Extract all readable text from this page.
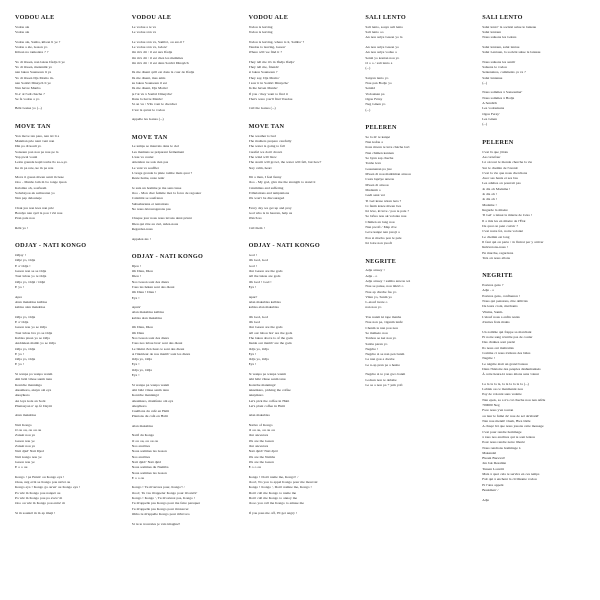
VODOU ALE
Vodou ale
Vodou ale
Vodou ale, Sanba, kilson li ye ?
Vodou a ale, Gason yo
Kilson na rankontre ? ?
Yo di mwen, nan lakou Ifadja li ye
Yo di mwen, mennnmi yo
nan lakou Sounsoun li ye
Yo di mwen Dja Momo m-
nan Sonbri Dinaych li ye
Nan havre Manbo
N-a' al l'adi chache ?
Se fa vodou a yo
Bèlè Gansa yo (...)
MOVE TAN
Yon move tan pare, nan tèt li a
Manman prie nant vent nan
Din pa di kouli yo
Sonsoun pon nou pa nou pe la
Yap pwal voulè
Lexia gounde kapli tonbe 0o sa-a-yo
Ke m pa rete, ke m pa rete
Move ti gason mwen santi m bese
Ooo - Manbo lam m bo tonge ipson
Kalomte oh, soufwam
Sobabayou ak samwaran yo
Nen pap delounaje
Chak jou non kwe nan priz
Bondye nan syèl la pou l vlè nou
Pran pale nou
Rèlè yo !
ODJAY - NATI KONGO
Odjay !
Odjè yo, Odja
E a' Odja !
Gason non se se Odja
Tout labou yo te Odja
Odja yo, Odjè / Odjè
E ya !
Apre
Alan makabisa kalbisa
kabisa alan makabisa
Odja yo, Odja
E a' Odja
Gason nou yo se Odja
Tout labou bra yo se Odja
Kabisa pison yo se Odja
Anddekan mamb yo se Odja
Odja yo, Odja
E ya !
Odja yo, Odja
E ya !
Si wanpa pa wanpa wanm
Ahi bèlè vilese sanm tanu
Kontche manninga
Akazikaro, akayn olè eya
Akayikaro
An leye kole an 'kolè
Plantasyon n' ap fè Dayiti
Alan makabisa
Nati Kongo
O ou ou, ou ou ou
Zansèt nou ye
Gason nou ye
Zansèt nou ye
Nati djèd' Nati Djed
Nati kongo nou ye
Gason nou ye
E o o ou
Kongo ! pa Entèn' ou Kongo eya !
Osou, nèg evlè se Kongo pou nèt'et ou
Kongo eya ! Kongo ga ou'en' ou Kongo eya !
Pa wlè m Kongo pou nanpèt ou
Pa wlè m Kongo pou pa eve'e' m
Ooo ou wlè m Kongo pou entre' m
Si m sountèl m m ap imaji !
VODOU ALE
Le vodou a te va
Le vodou s'en va
Le vodou s'en va, Samba', ou est-il ?
Le vodou s'en va, Gdote'
On m'a dit : il est aux Ifadja
On m'a dit : il est chez les memmes
On m'a dit : il est dans Sonbri Dinayich
Ils me disent qu'il est dans la cour de Ifadja
Ils me disent, mes amis
au lakou Sounsoun il est
Ils me disent, Dja Momo'
je l'ai vu à Sonbri Dinayche'
Dans la havre Manbo'
Si on vu / S'ils vont le chercher
C'est la qu'est le vodou
Appelle les Gansa (...)
MOVE TAN
Le temps se mauvais dans le ciel
Les mamans se préparent fermement
L'eau va couler
Attention ne sois rien pas
Le vent va souffler
L'orage gronde la pluie tombe mais quoi ?
Reste home, reste tenir
Je suis un homme je me sens lasse
Ooo - Mon cher femme moi la force de ragouter
Calamité se soufrance
Subsahariens et tentations
Ne nous découragerons pas
Chaque jour nous nous levons ainsi priant
Dieu qui être au ciel, aidez-nous
Regardez-nous
Appelez-les !
ODJAY - NATI KONGO
Djeu !
Oh Dieu, Dieu
Dieu !
Nos Gason sont des dieux
Tous les hèkan sont des dieux
Oh Dieu ! Dieu !
Eya !
Après'
Alan makabisa kalbisa
kabisa alan makabisa
Oh Dieu, Dieu
Oh Dieu
Nos Gason sont des dieux
Tous nos labou bras' sont des dieux
Le bikini d'en haut ce sont des dieux
A l'intérieur de nos mamb' sont les dieux
Odja yo, Odja
Eya !
Odja yo, Odja
Eya !
Si wanpa pa wanpa wanm
Ahi bèlè vilese sanm tanu
Kontche manninga'
Akazikaro, manifeste olè eya
Akayikaro
Cueillons du café en Haïti
Plantons du café en Haïti
Alan makabisa
Natif du Kongo
O ou ou, ou ou ou
Nos ancêtres
Nous sommes les Gason
Nos ancêtres
Nati djèd'/ Nati djèd
Nous sommes du Namiba
Nous sommes les Gason
E o o ou
Kongo ! Tu m'ouvres pour, Kongo'! /
Oooi', Tu vas m'appeler Kongo pour m'ouvrir'
Kongo ! Kongo ', Tu m'ouvrez pas, Kongo !
Tu m'appelle pas Kongo pour me faire paraquer
Tu m'appelle pas Kongo pour m'exercer
Ohho tu m'appelle Kongo pour m'invoro
Si tu te trouveles je vais imagine'!
VODOU ALE
Vodou is leaving
Vodou is leaving
Vodou is leaving, where is it, Samba' ?
Vaudou is leaving, Gason'
Where will we find it ?
They tell me it's in Ifadja Ifadja'
They tell me, friends'
at lakou Sounsoun ?
They say, Dja Momo'
I saw it in Sonbri Dinayche'
In the haven Manbo'
If you / they want to find it
That's were you'll find Voudou
Call the Gansa (...)
MOVE TAN
The weather is bad
The mothers prepare carefully
The water is going to fall
Careful we don't drown
The wind will blow
The storm will growl, the water will fall, but how?
Stay calm, heart
I'm a man, I feel funny
Ooo - My god, give me the strength to stand it
Calamities and suffering
Tribulations and temptations
We won't be discouraged
Every day we get up and pray
God who is in heaven, help us
Watch us
Call them !
ODJAY - NATI KONGO
God !
Oh God, God
God !
Our Gason are the gods
All the lakou are gods
Oh God ! God !
Eya !
Apart'
Alan makabisa kalbisa
kabisa alan makabisa
Oh God, God
Oh God
Our Gason are the gods
All our labou bra' are the gods
The lakou above is of the gods
Inside our mamb' are the gods
Odja yo, Odja
Eya !
Odja yo, Odja
Eya !
Si wanpa pa wanpa wanm
Ahi bèlè vilese sanm tanu
Kontche manninga'
Akazikaro, picking the coffee
Akayikaro
Let's pick the coffee in Haiti
Let's plant coffee in Haiti
Alan makabisa
Native of Kongo
O ou ou, ou ou ou
Our ancestors
We are the Gason
Our ancestors
Nati djèd'/ Nati djèd
We are the Namba
We are the Gason
E o o ou
Kongo ! Don't name me, Kongo'! /
Oooi', No you to appel Kongo pour me mouvoir
Kongo ! Kongo ', Don't namne me, Kongo !
Don't call me Kongo to name me
Don't call me Kongo to annoy me
Oooo you call me Kongo to amuse me
If you pass me off, I'll get angry !
SALI LENTO
Sali lento, souye sali lento
Sali lento oo
An nou salye Gason yo la
An nou salye Gason yo
An nou salye voduo a
Senlè yo kontan nou yo
O o o / sali lento a
(...)
Sanyan lento yo
Nou pan Bodjo yo
Senlèd
Vodouisan pa
Ogou Fèray
Neg Ginen yo
(...)
PELEREN
Se la m' te kanpè
Nan kafou a
Kote mwen te leve chèche lavi
Nan chimen kannan
Se byen sap cheche
Tonbe leve
Gouanenan pa jwe
Mwen di nou manbiman anwou
Lwès lapriye anwou
Mwen di anwou
Madanm o
Gadi sanè vet
Ti Gel krase nòtan leza ?
Li fanm kraze mwen lwe
Ki leve, ki leve / pou te pale ?
Se lafwa nou ak volonte nou
Chimen an long nou
Nan pwofi / Map rive
Leve kanpè nan pwoji a
Pou si macho pon le pale
Ki lotre non pwofi
NEGRITE
Adje anwey !
Adje - o
Adje anwey ! samba anwou wè
Nou se panse, nou lèlèvi o
Nou ap chèche fas yo
Vilen yo, Sanm yo
L-etouf twete o
nan nou yo
You nonm ki tape manbe
Nou non pa, viganm lenfè
Chenm ta nan pou nou
Se malketo nou
Tonbou se ket nou yo
Sanba paran yo
Negrite !
Negrite si se nan pen banm
La nan gou a dwabe
Le n-ap pran pa a hesite
Negrite si te yon gwo banm
Lodsan non te debabe
Le sa a non pa + jem yofi
SALI LENTO
Salut lento'' la société salue le lanteau
Salut lentoun
Nous saluons les Gdons
Salut lentoun, salut lentou
Salut Lentoun, la société salue le lanteau
Nous saluons les sanm'
Saluons le vodou
Sentenaires, comments ça va ?
Salut lantenue
(...)
Nous sommes à Sonsoumer'
Nous sommes à Bodja
A Sendich
Les vodouisans
Ogou Feray'
Les Ginen
(...)
PELEREN
C'est là que j'étais
Au carrefour
Là où tout le monde cherche la vie
Sur le chemin de l'avenir
C'est la vie que nous cherchons
Avec ses hauts et ses bas
Les adultes on pourrait pas
Je dis oh Madame !
Je dis oh !
Je dis oh !
Madame !
Regarde la misère
Ti Gel' a laissé la misère de Césa !
Il a mis les en misère de l'État
De quoi on peut convir ?
C'est notre foi, notre volonté
Le chemin est long
Il faut qui on parte / Je finirai par y arriver
Reléverons-nous !
En marche, regardons
Très où nous allons
NEGRITE
Pauvres gens ?
Adje - o
Pauvres gens, confluence !
Nous qui pensions, être délivrés
De leurs croix, méchants
Vilains, Sanm-
L'étouf nous a enfin restés
d'autres frais mains
Un zombie qui frappe sa marchant
Et notre sang n'arrête pas de couler
Des chaînes sont pardé
Ils nous ont maltraités
Comme ci nous n'étions des bêtes
Negrite !
Le négrite était un grand bateau
Dans l'histoire des peuples déshumanisés
À cette heure-là nous étions sans valeur
La la la la la, la la la la la la (...)
Lablak ou ce manmanni nou
Pay de volonté sans vedette
Nan epok, sa a n'a cal cheche nou nan Afrik
700000 Neg
Face nous y'en touran
ou leur le fumé de' nou de sel de'abatid'
Nan nou menm! Ouah, Bwa Idèle
A chaqè bri que nous jouons cette message
C'est pour rendre hommage
à tous nos ancêtres qui te sont lentou
Pour nous rendre notre liberté
Nous rendrons hommage à
Makandal
Bwani Buceval!
Jan Jak Desalinn
Tussen Louvèti
Mais à quoi cela te servira en ces temps
Fait qui à enchent la civilisante vodou
Et l'atre appelè
Boukman' /
Adje
